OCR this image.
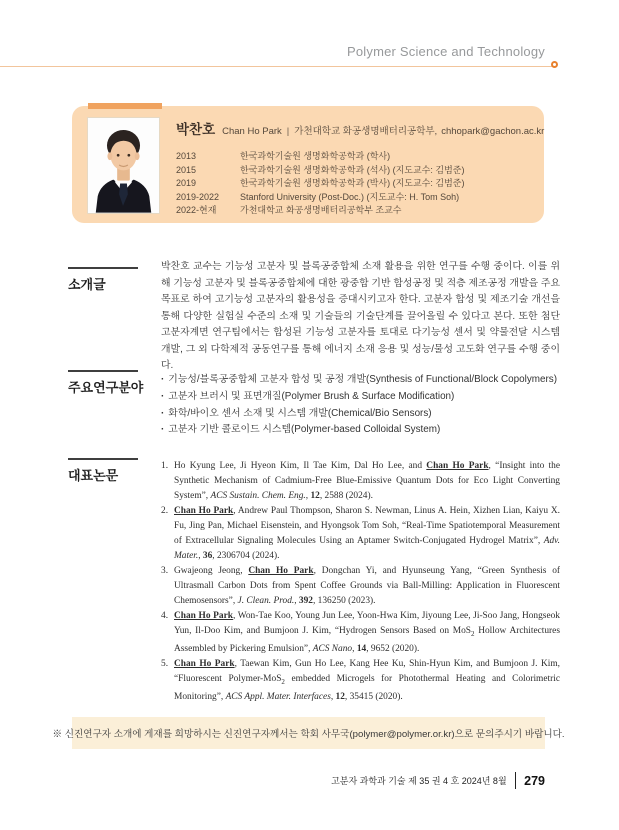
Polymer Science and Technology
박찬호 Chan Ho Park | 가천대학교 화공생명배터리공학부, chhopark@gachon.ac.kr
2013	한국과학기술원 생명화학공학과 (학사)
2015	한국과학기술원 생명화학공학과 (석사) (지도교수: 김범준)
2019	한국과학기술원 생명화학공학과 (박사) (지도교수: 김범준)
2019-2022 Stanford University (Post-Doc.) (지도교수: H. Tom Soh)
2022-현재	가천대학교 화공생명배터리공학부 조교수
소개글
박찬호 교수는 기능성 고분자 및 블록공중합체 소재 활용을 위한 연구를 수행 중이다. 이를 위해 기능성 고분자 및 블록공중합체에 대한 광중합 기반 합성공정 및 적층 제조공정 개발을 주요 목표로 하여 고기능성 고분자의 활용성을 증대시키고자 한다. 고분자 합성 및 제조기술 개선을 통해 다양한 실험실 수준의 소재 및 기술들의 기술단계를 끌어올릴 수 있다고 본다. 또한 첨단고분자계면 연구팀에서는 합성된 기능성 고분자를 토대로 다기능성 센서 및 약물전달 시스템 개발, 그 외 다학제적 공동연구를 통해 에너지 소재 응용 및 성능/물성 고도화 연구를 수행 중이다.
주요연구분야
· 기능성/블록공중합체 고분자 합성 및 공정 개발(Synthesis of Functional/Block Copolymers)
· 고분자 브러시 및 표면개질(Polymer Brush & Surface Modification)
· 화학/바이오 센서 소재 및 시스템 개발(Chemical/Bio Sensors)
· 고분자 기반 콜로이드 시스템(Polymer-based Colloidal System)
대표논문
1. Ho Kyung Lee, Ji Hyeon Kim, Il Tae Kim, Dal Ho Lee, and Chan Ho Park, “Insight into the Synthetic Mechanism of Cadmium-Free Blue-Emissive Quantum Dots for Eco Light Converting System”, ACS Sustain. Chem. Eng., 12, 2588 (2024).
2. Chan Ho Park, Andrew Paul Thompson, Sharon S. Newman, Linus A. Hein, Xizhen Lian, Kaiyu X. Fu, Jing Pan, Michael Eisenstein, and Hyongsok Tom Soh, “Real-Time Spatiotemporal Measurement of Extracellular Signaling Molecules Using an Aptamer Switch-Conjugated Hydrogel Matrix”, Adv. Mater., 36, 2306704 (2024).
3. Gwajeong Jeong, Chan Ho Park, Dongchan Yi, and Hyunseung Yang, “Green Synthesis of Ultrasmall Carbon Dots from Spent Coffee Grounds via Ball-Milling: Application in Fluorescent Chemosensors”, J. Clean. Prod., 392, 136250 (2023).
4. Chan Ho Park, Won-Tae Koo, Young Jun Lee, Yoon-Hwa Kim, Jiyoung Lee, Ji-Soo Jang, Hongseok Yun, Il-Doo Kim, and Bumjoon J. Kim, “Hydrogen Sensors Based on MoS$_2$ Hollow Architectures Assembled by Pickering Emulsion”, ACS Nano, 14, 9652 (2020).
5. Chan Ho Park, Taewan Kim, Gun Ho Lee, Kang Hee Ku, Shin-Hyun Kim, and Bumjoon J. Kim, “Fluorescent Polymer-MoS$_2$ embedded Microgels for Photothermal Heating and Colorimetric Monitoring”, ACS Appl. Mater. Interfaces, 12, 35415 (2020).
※ 신진연구자 소개에 게재를 희망하시는 신진연구자께서는 학회 사무국(polymer@polymer.or.kr)으로 문의주시기 바랍니다.
고분자 과학과 기술 제 35 권 4 호 2024년 8월 279
